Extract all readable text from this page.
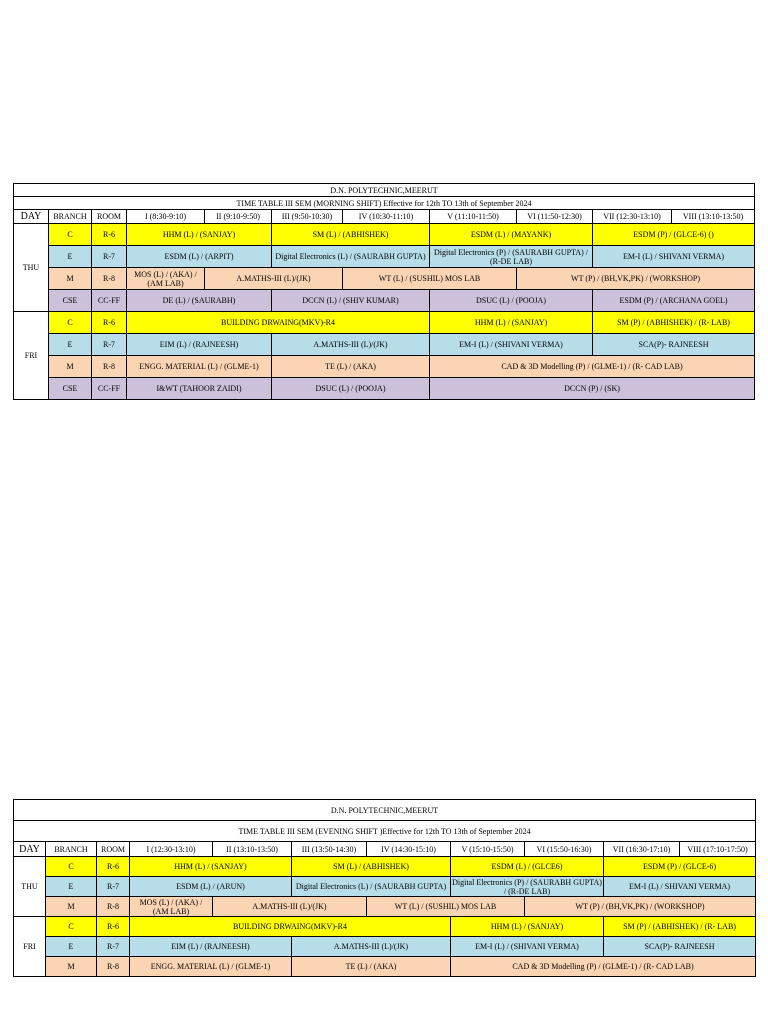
D.N. POLYTECHNIC,MEERUT										
TIME TABLE III SEM (MORNING SHIFT) Effective for 12th TO 13th of September 2024										
DAY	BRANCH	ROOM	I (8:30-9:10)	II (9:10-9:50)	III (9:50-10:30)	IV (10:30-11:10)	V (11:10-11:50)	VI (11:50-12:30)	VII (12:30-13:10)	VIII (13:10-13:50)
THU	C	R-6	HHM (L) / (SANJAY)		SM (L) / (ABHISHEK)		ESDM (L) / (MAYANK)		ESDM (P) / (GLCE-6) ()	
	E	R-7	ESDM (L) / (ARPIT)		Digital Electronics (L) / (SAURABH GUPTA)		Digital Electronics (P) / (SAURABH GUPTA) / (R-DE LAB)		EM-I (L) / SHIVANI VERMA)	
	M	R-8	MOS (L) / (AKA) / (AM LAB)	A.MATHS-III (L)/(JK)		WT (L) / (SUSHIL) MOS LAB		WT (P) / (BH,VK,PK) / (WORKSHOP)		
	CSE	CC-FF	DE (L) / (SAURABH)		DCCN (L) / (SHIV KUMAR)		DSUC (L) / (POOJA)		ESDM (P) / (ARCHANA GOEL)	
FRI	C	R-6	BUILDING DRWAING(MKV)-R4				HHM (L) / (SANJAY)		SM (P) / (ABHISHEK) / (R- LAB)	
	E	R-7	EIM (L) / (RAJNEESH)		A.MATHS-III (L)/(JK)		EM-I (L) / (SHIVANI VERMA)		SCA(P)- RAJNEESH	
	M	R-8	ENGG. MATERIAL (L) / (GLME-1)		TE (L) / (AKA)		CAD & 3D Modelling (P) / (GLME-1) / (R- CAD LAB)			
	CSE	CC-FF	I&WT (TAHOOR ZAIDI)		DSUC (L) / (POOJA)		DCCN (P) / (SK)			
D.N. POLYTECHNIC,MEERUT										
TIME TABLE III SEM (EVENING SHIFT )Effective for 12th TO 13th of September 2024										
DAY	BRANCH	ROOM	I (12:30-13:10)	II (13:10-13:50)	III (13:50-14:30)	IV (14:30-15:10)	V (15:10-15:50)	VI (15:50-16:30)	VII (16:30-17:10)	VIII (17:10-17:50)
THU	C	R-6	HHM (L) / (SANJAY)		SM (L) / (ABHISHEK)		ESDM (L) / (GLCE6)		ESDM (P) / (GLCE-6)	
	E	R-7	ESDM (L) / (ARUN)		Digital Electronics (L) / (SAURABH GUPTA)		Digital Electronics (P) / (SAURABH GUPTA) / (R-DE LAB)		EM-I (L) / SHIVANI VERMA)	
	M	R-8	MOS (L) / (AKA) / (AM LAB)	A.MATHS-III (L)/(JK)		WT (L) / (SUSHIL) MOS LAB		WT (P) / (BH,VK,PK) / (WORKSHOP)		
FRI	C	R-6	BUILDING DRWAING(MKV)-R4				HHM (L) / (SANJAY)		SM (P) / (ABHISHEK) / (R- LAB)	
	E	R-7	EIM (L) / (RAJNEESH)		A.MATHS-III (L)/(JK)		EM-I (L) / (SHIVANI VERMA)		SCA(P)- RAJNEESH	
	M	R-8	ENGG. MATERIAL (L) / (GLME-1)		TE (L) / (AKA)		CAD & 3D Modelling (P) / (GLME-1) / (R- CAD LAB)			
